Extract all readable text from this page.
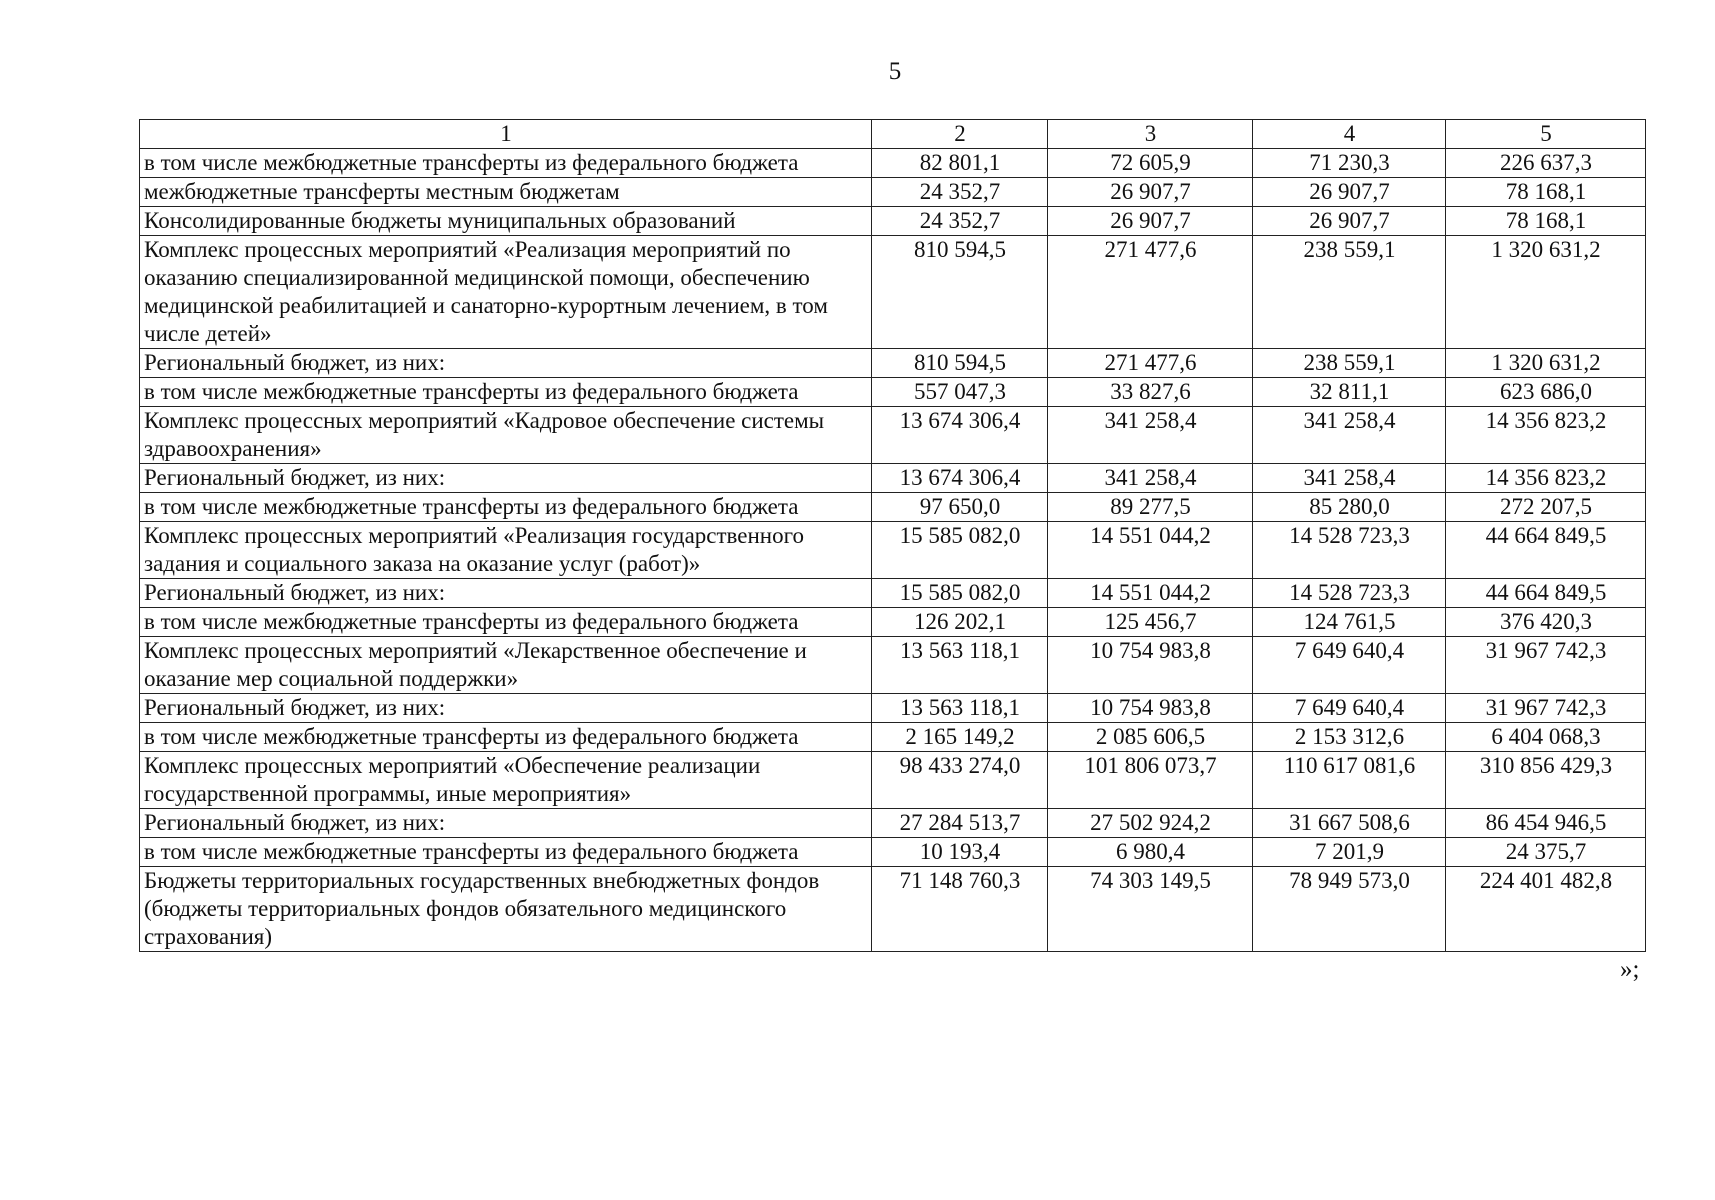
5
1	2	3	4	5
в том числе межбюджетные трансферты из федерального бюджета	82 801,1	72 605,9	71 230,3	226 637,3
межбюджетные трансферты местным бюджетам	24 352,7	26 907,7	26 907,7	78 168,1
Консолидированные бюджеты муниципальных образований	24 352,7	26 907,7	26 907,7	78 168,1
Комплекс процессных мероприятий «Реализация мероприятий по оказанию специализированной медицинской помощи, обеспечению медицинской реабилитацией и санаторно-курортным лечением, в том числе детей»	810 594,5	271 477,6	238 559,1	1 320 631,2
Региональный бюджет, из них:	810 594,5	271 477,6	238 559,1	1 320 631,2
в том числе межбюджетные трансферты из федерального бюджета	557 047,3	33 827,6	32 811,1	623 686,0
Комплекс процессных мероприятий «Кадровое обеспечение системы здравоохранения»	13 674 306,4	341 258,4	341 258,4	14 356 823,2
Региональный бюджет, из них:	13 674 306,4	341 258,4	341 258,4	14 356 823,2
в том числе межбюджетные трансферты из федерального бюджета	97 650,0	89 277,5	85 280,0	272 207,5
Комплекс процессных мероприятий «Реализация государственного задания и социального заказа на оказание услуг (работ)»	15 585 082,0	14 551 044,2	14 528 723,3	44 664 849,5
Региональный бюджет, из них:	15 585 082,0	14 551 044,2	14 528 723,3	44 664 849,5
в том числе межбюджетные трансферты из федерального бюджета	126 202,1	125 456,7	124 761,5	376 420,3
Комплекс процессных мероприятий «Лекарственное обеспечение и оказание мер социальной поддержки»	13 563 118,1	10 754 983,8	7 649 640,4	31 967 742,3
Региональный бюджет, из них:	13 563 118,1	10 754 983,8	7 649 640,4	31 967 742,3
в том числе межбюджетные трансферты из федерального бюджета	2 165 149,2	2 085 606,5	2 153 312,6	6 404 068,3
Комплекс процессных мероприятий «Обеспечение реализации государственной программы, иные мероприятия»	98 433 274,0	101 806 073,7	110 617 081,6	310 856 429,3
Региональный бюджет, из них:	27 284 513,7	27 502 924,2	31 667 508,6	86 454 946,5
в том числе межбюджетные трансферты из федерального бюджета	10 193,4	6 980,4	7 201,9	24 375,7
Бюджеты территориальных государственных внебюджетных фондов (бюджеты территориальных фондов обязательного медицинского страхования)	71 148 760,3	74 303 149,5	78 949 573,0	224 401 482,8
»;
